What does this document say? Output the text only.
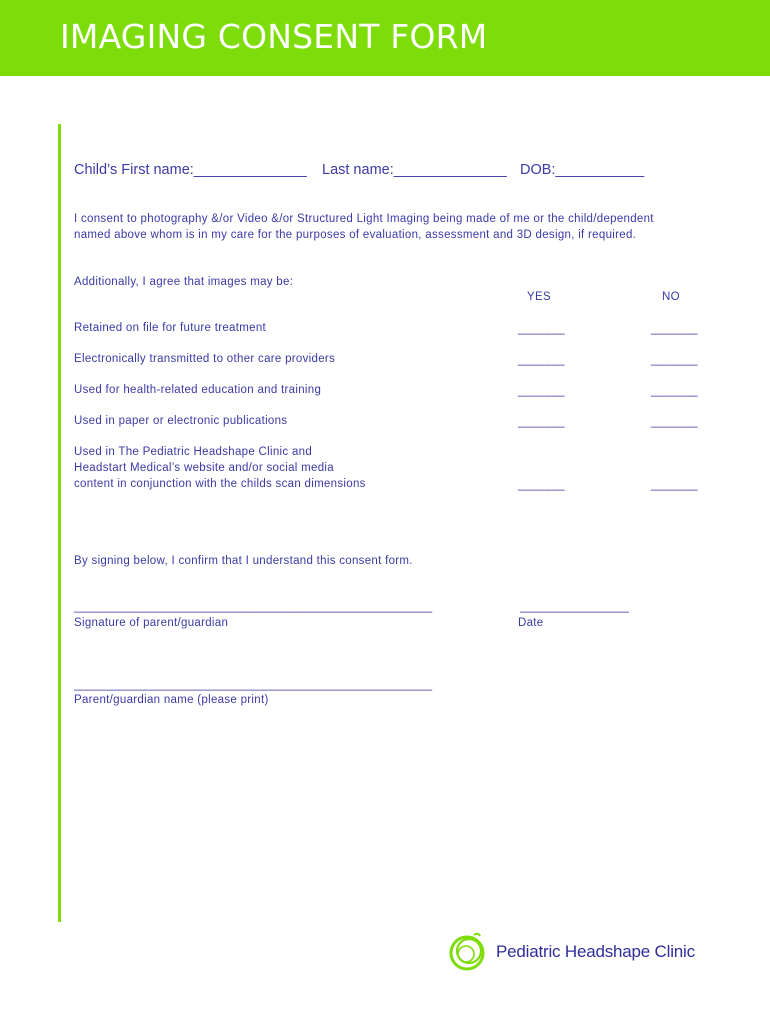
IMAGING CONSENT FORM
Child’s First name:______________ Last name:______________ DOB:___________
I consent to photography &/or Video &/or Structured Light Imaging being made of me or the child/dependent
named above whom is in my care for the purposes of evaluation, assessment and 3D design, if required.
Additionally, I agree that images may be:
YES	NO
Retained on file for future treatment	_______	_______
Electronically transmitted to other care providers	_______	_______
Used for health-related education and training	_______	_______
Used in paper or electronic publications	_______	_______
Used in The Pediatric Headshape Clinic and
Headstart Medical’s website and/or social media
content in conjunction with the childs scan dimensions	_______	_______
By signing below, I confirm that I understand this consent form.
________________________________________________________
Signature of parent/guardian
_________________
Date
________________________________________________________
Parent/guardian name (please print)
Pediatric Headshape Clinic
